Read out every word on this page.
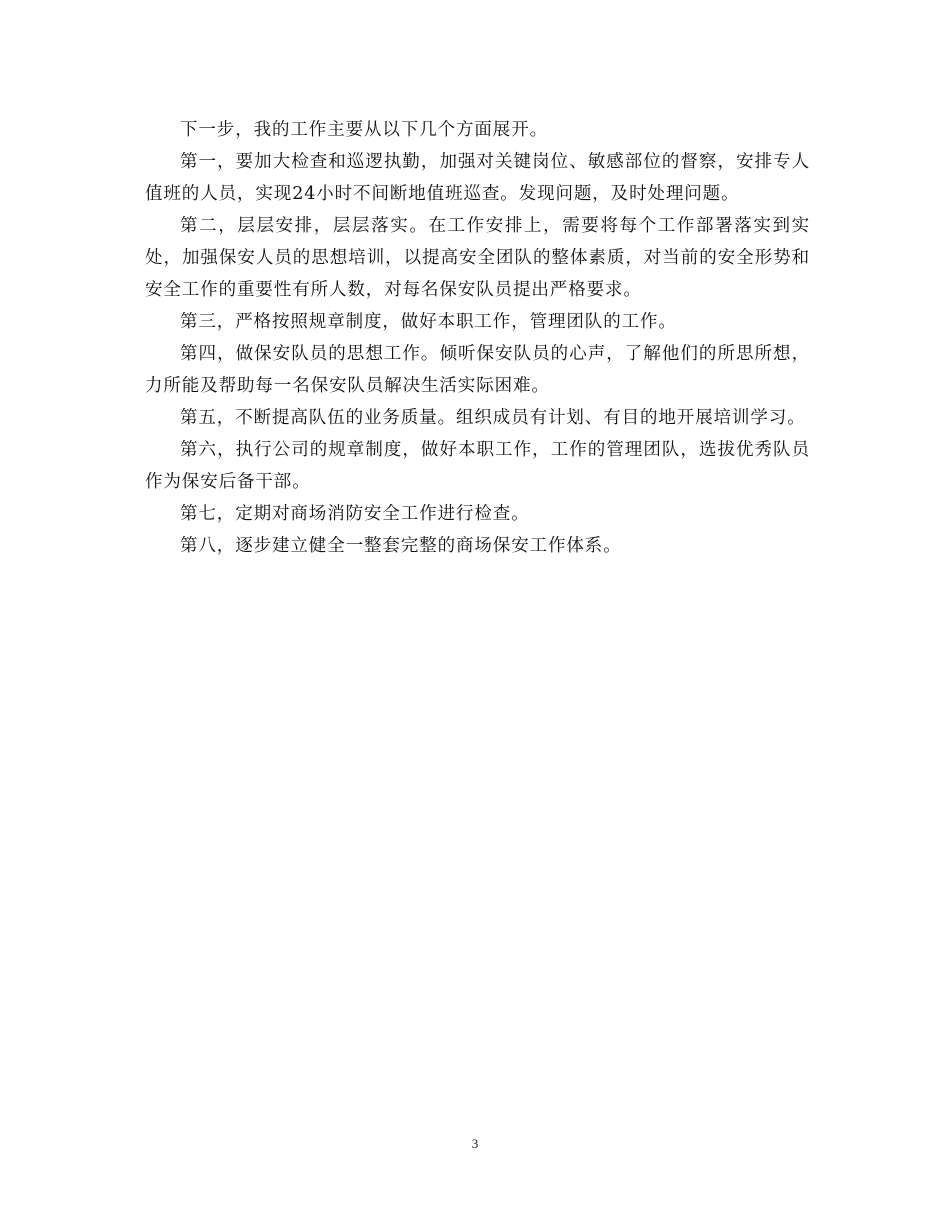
下一步，我的工作主要从以下几个方面展开。

第一，要加大检查和巡逻执勤，加强对关键岗位、敏感部位的督察，安排专人值班的人员，实现24小时不间断地值班巡查。发现问题，及时处理问题。

第二，层层安排，层层落实。在工作安排上，需要将每个工作部署落实到实处，加强保安人员的思想培训，以提高安全团队的整体素质，对当前的安全形势和安全工作的重要性有所人数，对每名保安队员提出严格要求。

第三，严格按照规章制度，做好本职工作，管理团队的工作。

第四，做保安队员的思想工作。倾听保安队员的心声，了解他们的所思所想，力所能及帮助每一名保安队员解决生活实际困难。

第五，不断提高队伍的业务质量。组织成员有计划、有目的地开展培训学习。

第六，执行公司的规章制度，做好本职工作，工作的管理团队，选拔优秀队员作为保安后备干部。

第七，定期对商场消防安全工作进行检查。

第八，逐步建立健全一整套完整的商场保安工作体系。

3
